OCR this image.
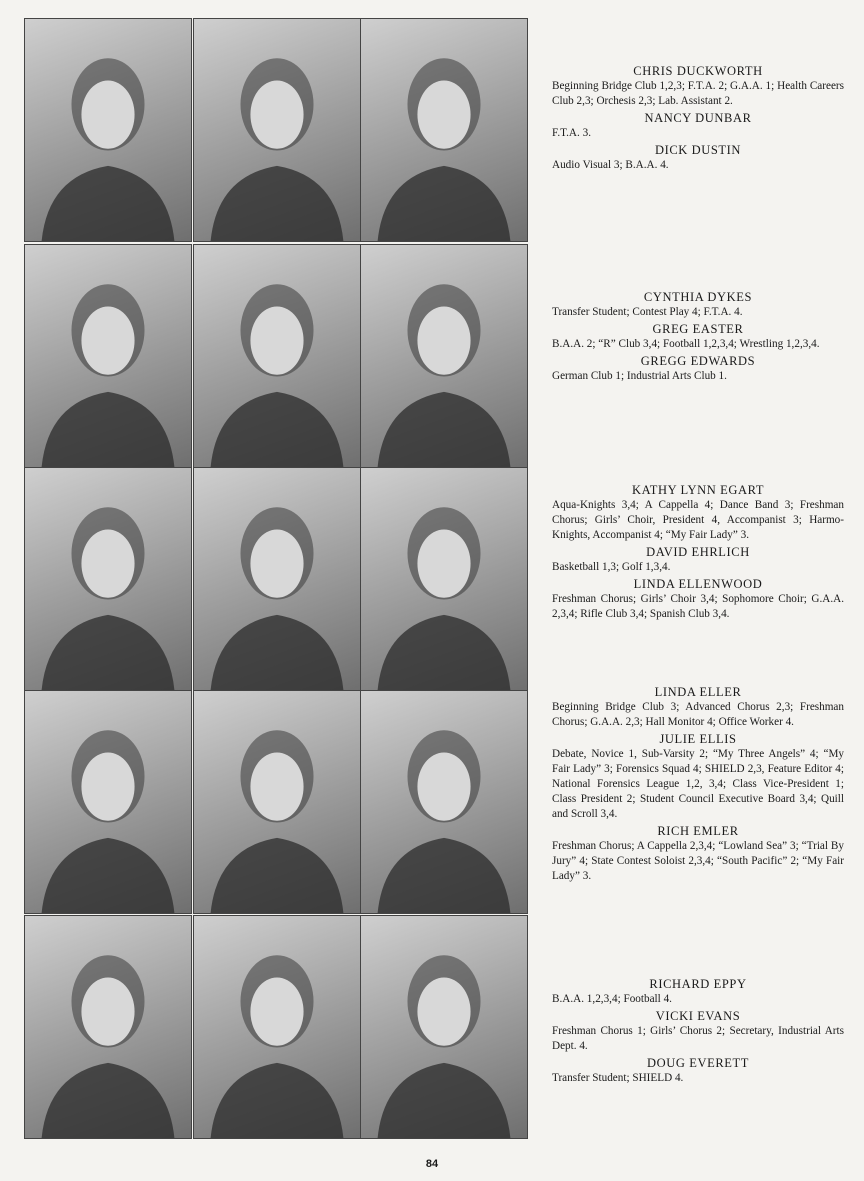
CHRIS DUCKWORTH

Beginning Bridge Club 1,2,3; F.T.A. 2; G.A.A. 1; Health Careers Club 2,3; Orchesis 2,3; Lab. Assistant 2.

NANCY DUNBAR

F.T.A. 3.

DICK DUSTIN

Audio Visual 3; B.A.A. 4.

CYNTHIA DYKES

Transfer Student; Contest Play 4; F.T.A. 4.

GREG EASTER

B.A.A. 2; “R” Club 3,4; Football 1,2,3,4; Wrestling 1,2,3,4.

GREGG EDWARDS

German Club 1; Industrial Arts Club 1.

KATHY LYNN EGART

Aqua-Knights 3,4; A Cappella 4; Dance Band 3; Freshman Chorus; Girls’ Choir, President 4, Accompanist 3; Harmo-Knights, Accompanist 4; “My Fair Lady” 3.

DAVID EHRLICH

Basketball 1,3; Golf 1,3,4.

LINDA ELLENWOOD

Freshman Chorus; Girls’ Choir 3,4; Sophomore Choir; G.A.A. 2,3,4; Rifle Club 3,4; Spanish Club 3,4.

LINDA ELLER

Beginning Bridge Club 3; Advanced Chorus 2,3; Freshman Chorus; G.A.A. 2,3; Hall Monitor 4; Office Worker 4.

JULIE ELLIS

Debate, Novice 1, Sub-Varsity 2; “My Three Angels” 4; “My Fair Lady” 3; Forensics Squad 4; SHIELD 2,3, Feature Editor 4; National Forensics League 1,2, 3,4; Class Vice-President 1; Class President 2; Student Council Executive Board 3,4; Quill and Scroll 3,4.

RICH EMLER

Freshman Chorus; A Cappella 2,3,4; “Lowland Sea” 3; “Trial By Jury” 4; State Contest Soloist 2,3,4; “South Pacific” 2; “My Fair Lady” 3.

RICHARD EPPY

B.A.A. 1,2,3,4; Football 4.

VICKI EVANS

Freshman Chorus 1; Girls’ Chorus 2; Secretary, Industrial Arts Dept. 4.

DOUG EVERETT

Transfer Student; SHIELD 4.

84
